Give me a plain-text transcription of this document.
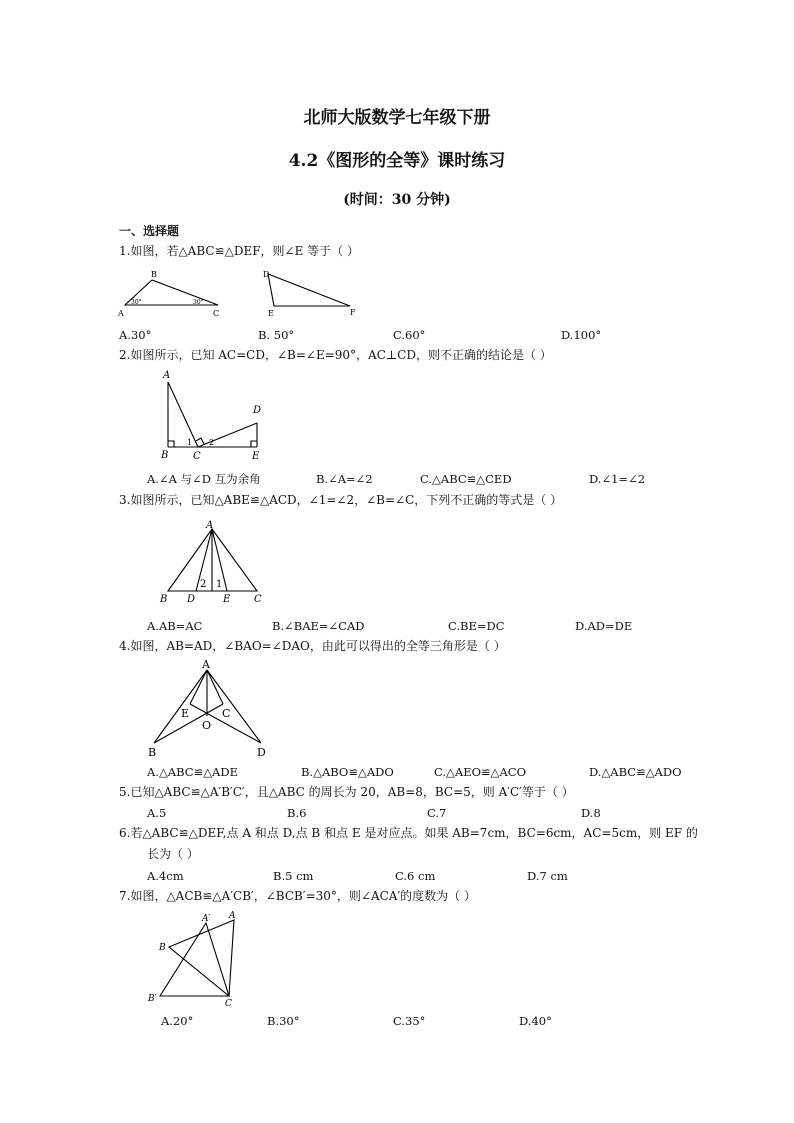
北师大版数学七年级下册
4.2《图形的全等》课时练习
(时间：30 分钟)
一、选择题
1.如图，若△ABC≌△DEF，则∠E 等于（ ）
A
B
C
30°	30°
D
E	F
A.30°	B. 50°	C.60°	D.100°
2.如图所示，已知 AC=CD，∠B=∠E=90°，AC⊥CD，则不正确的结论是（ ）
A
B C
D
E
1 2
A.∠A 与∠D 互为余角	B.∠A=∠2	C.△ABC≌△CED	D.∠1=∠2
3.如图所示，已知△ABE≌△ACD，∠1=∠2，∠B=∠C，下列不正确的等式是（ ）
A
B D	E C
2 1
A.AB=AC	B.∠BAE=∠CAD	C.BE=DC	D.AD=DE
4.如图，AB=AD，∠BAO=∠DAO，由此可以得出的全等三角形是（ ）
A
B	D
E	C
O
A.△ABC≌△ADE	B.△ABO≌△ADO	C.△AEO≌△ACO	D.△ABC≌△ADO
5.已知△ABC≌△A′B′C′，且△ABC 的周长为 20，AB=8，BC=5，则 A′C′等于（ ）
A.5	B.6	C.7	D.8
6.若△ABC≌△DEF,点 A 和点 D,点 B 和点 E 是对应点。如果 AB=7cm，BC=6cm，AC=5cm，则 EF 的
长为（ ）
A.4cm	B.5 cm	C.6 cm	D.7 cm
7.如图，△ACB≌△A′CB′，∠BCB′=30°，则∠ACA′的度数为（ ）
A
A′
B
B′	C
A.20°	B.30°	C.35°	D.40°
